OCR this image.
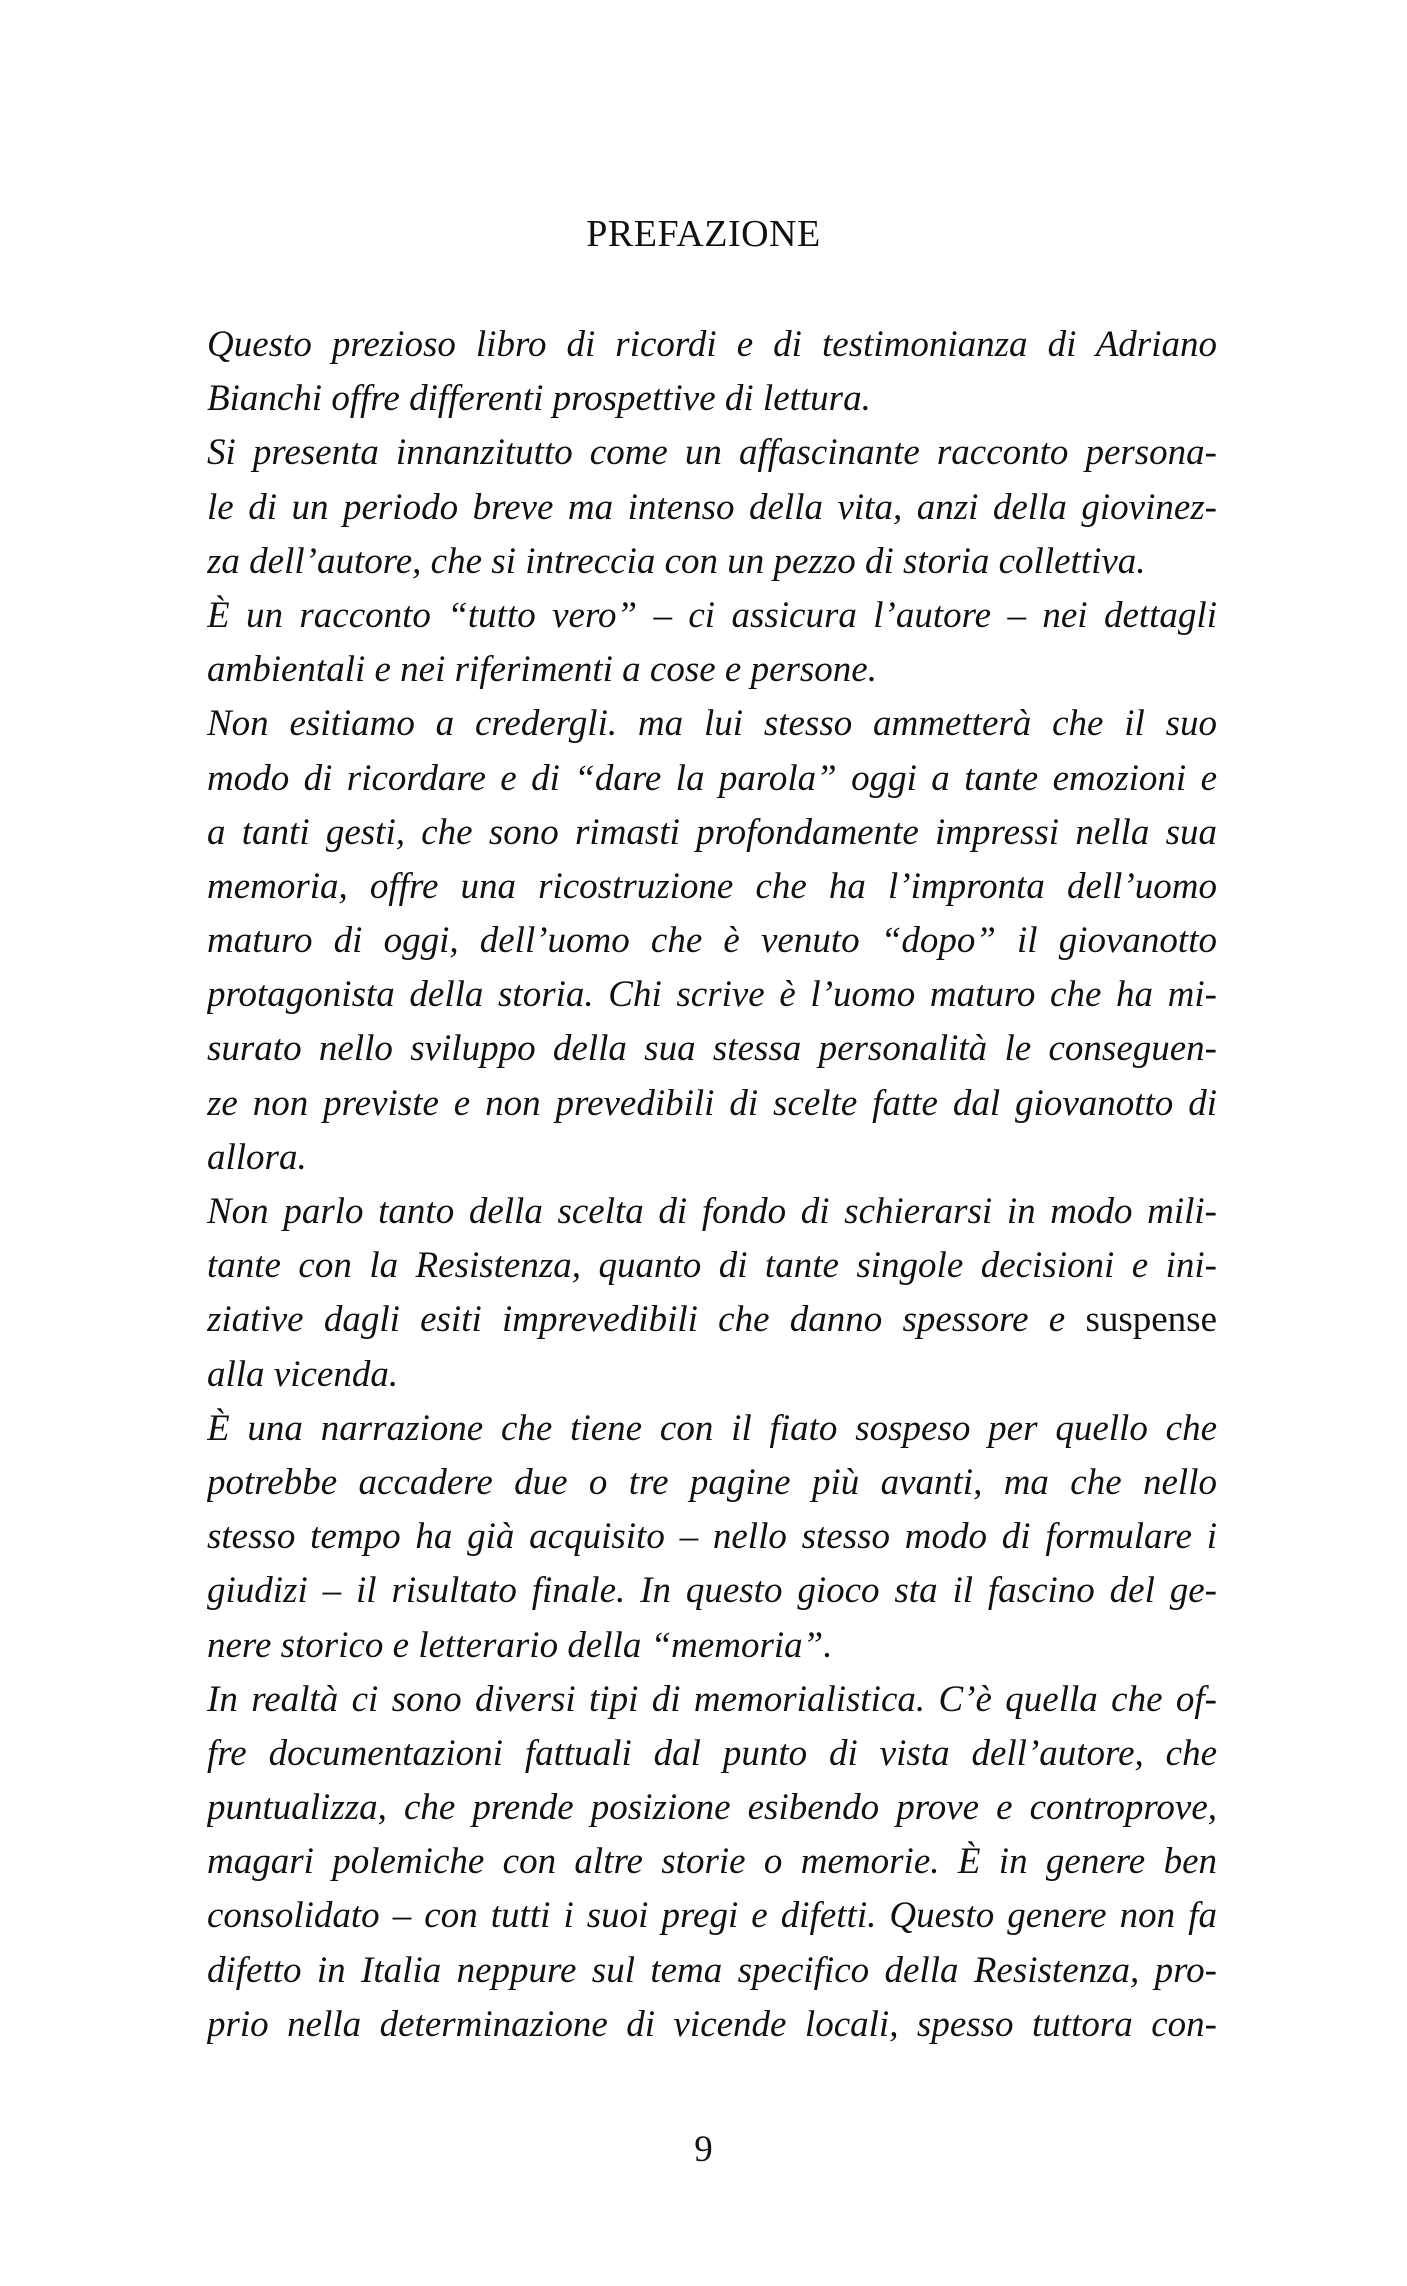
PREFAZIONE
Questo prezioso libro di ricordi e di testimonianza di Adriano
Bianchi offre differenti prospettive di lettura.
Si presenta innanzitutto come un affascinante racconto persona-
le di un periodo breve ma intenso della vita, anzi della giovinez-
za dell’autore, che si intreccia con un pezzo di storia collettiva.
È un racconto “tutto vero” – ci assicura l’autore – nei dettagli
ambientali e nei riferimenti a cose e persone.
Non esitiamo a credergli. ma lui stesso ammetterà che il suo
modo di ricordare e di “dare la parola” oggi a tante emozioni e
a tanti gesti, che sono rimasti profondamente impressi nella sua
memoria, offre una ricostruzione che ha l’impronta dell’uomo
maturo di oggi, dell’uomo che è venuto “dopo” il giovanotto
protagonista della storia. Chi scrive è l’uomo maturo che ha mi-
surato nello sviluppo della sua stessa personalità le conseguen-
ze non previste e non prevedibili di scelte fatte dal giovanotto di
allora.
Non parlo tanto della scelta di fondo di schierarsi in modo mili-
tante con la Resistenza, quanto di tante singole decisioni e ini-
ziative dagli esiti imprevedibili che danno spessore e suspense
alla vicenda.
È una narrazione che tiene con il fiato sospeso per quello che
potrebbe accadere due o tre pagine più avanti, ma che nello
stesso tempo ha già acquisito – nello stesso modo di formulare i
giudizi – il risultato finale. In questo gioco sta il fascino del ge-
nere storico e letterario della “memoria”.
In realtà ci sono diversi tipi di memorialistica. C’è quella che of-
fre documentazioni fattuali dal punto di vista dell’autore, che
puntualizza, che prende posizione esibendo prove e controprove,
magari polemiche con altre storie o memorie. È in genere ben
consolidato – con tutti i suoi pregi e difetti. Questo genere non fa
difetto in Italia neppure sul tema specifico della Resistenza, pro-
prio nella determinazione di vicende locali, spesso tuttora con-
9
